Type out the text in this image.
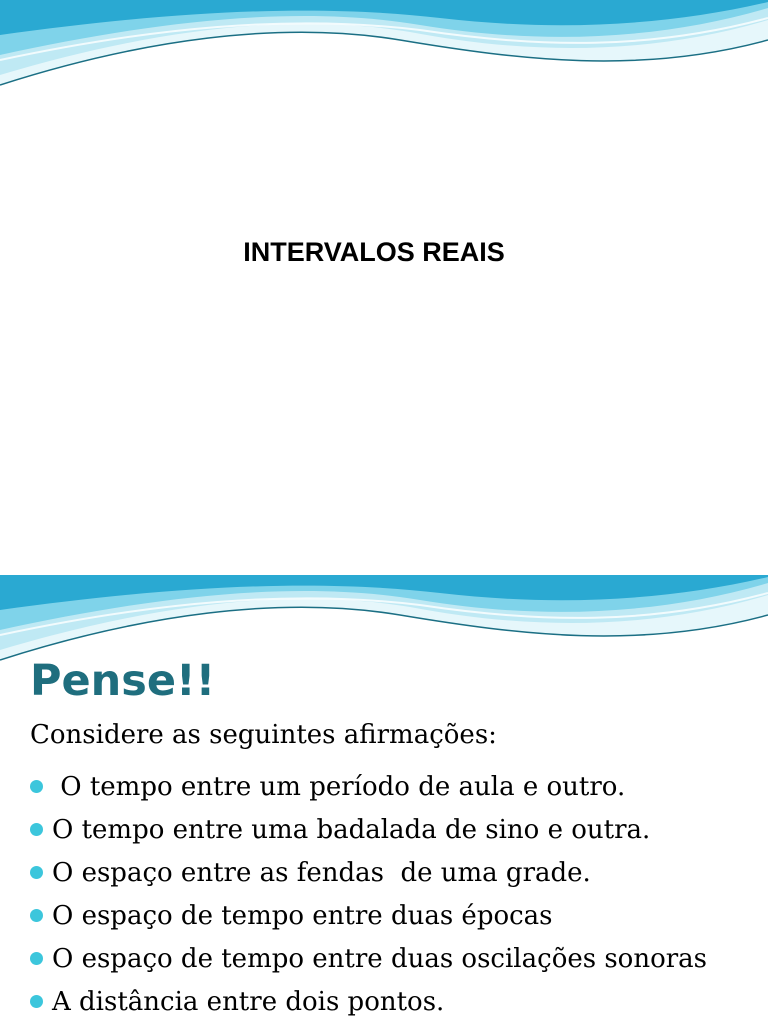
INTERVALOS REAIS
Pense!!

Considere as seguintes afirmações:

O tempo entre um período de aula e outro.
O tempo entre uma badalada de sino e outra.
O espaço entre as fendas  de uma grade.
O espaço de tempo entre duas épocas
O espaço de tempo entre duas oscilações sonoras
A distância entre dois pontos.
